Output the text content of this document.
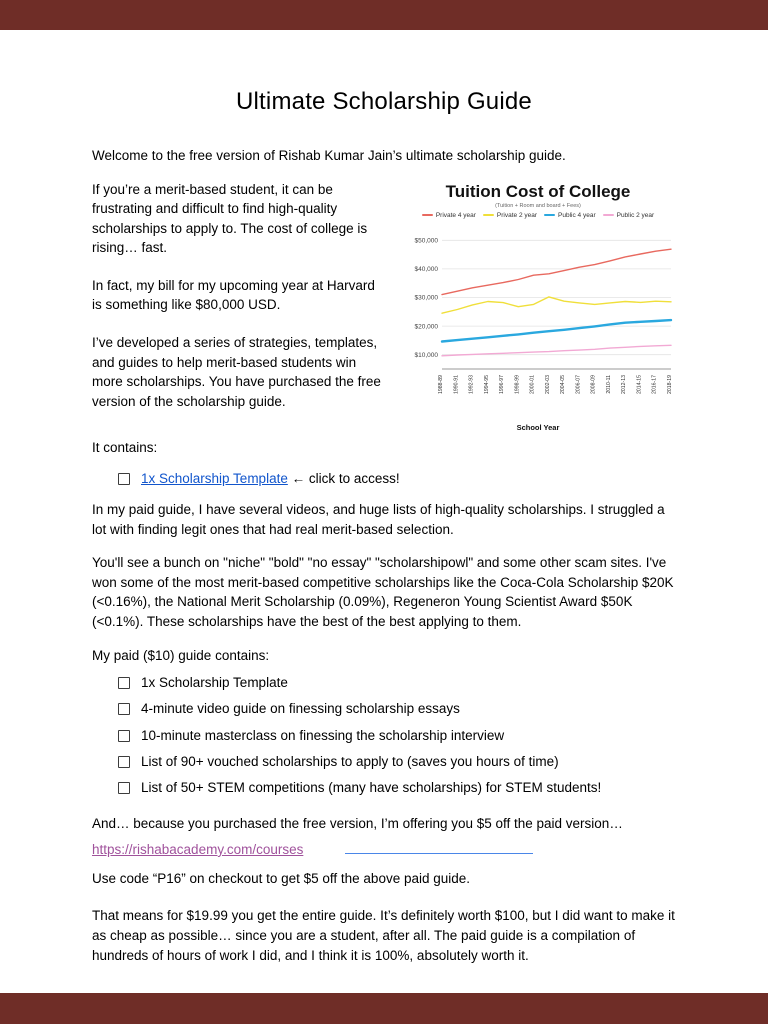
Ultimate Scholarship Guide

Welcome to the free version of Rishab Kumar Jain’s ultimate scholarship guide.

If you’re a merit-based student, it can be frustrating and difficult to find high-quality scholarships to apply to. The cost of college is rising… fast.

In fact, my bill for my upcoming year at Harvard is something like $80,000 USD.

I’ve developed a series of strategies, templates, and guides to help merit-based students win more scholarships. You have purchased the free version of the scholarship guide.

Tuition Cost of College
(Tuition + Room and board + Fees)
Private 4 year	Private 2 year	Public 4 year	Public 2 year
$10,000
$20,000
$30,000
$40,000
$50,000
1988-89 1990-91 1992-93 1994-95 1996-97 1998-99 2000-01 2002-03 2004-05 2006-07 2008-09 2010-11 2012-13 2014-15 2016-17 2018-19
School Year

It contains:

1x Scholarship Template ← click to access!

In my paid guide, I have several videos, and huge lists of high-quality scholarships. I struggled a lot with finding legit ones that had real merit-based selection.

You'll see a bunch on "niche" "bold" "no essay" "scholarshipowl" and some other scam sites. I've won some of the most merit-based competitive scholarships like the Coca-Cola Scholarship $20K (<0.16%), the National Merit Scholarship (0.09%), Regeneron Young Scientist Award $50K (<0.1%). These scholarships have the best of the best applying to them.

My paid ($10) guide contains:

1x Scholarship Template
4-minute video guide on finessing scholarship essays
10-minute masterclass on finessing the scholarship interview
List of 90+ vouched scholarships to apply to (saves you hours of time)
List of 50+ STEM competitions (many have scholarships) for STEM students!

And… because you purchased the free version, I’m offering you $5 off the paid version…

https://rishabacademy.com/courses

Use code “P16” on checkout to get $5 off the above paid guide.

That means for $19.99 you get the entire guide. It’s definitely worth $100, but I did want to make it as cheap as possible… since you are a student, after all. The paid guide is a compilation of hundreds of hours of work I did, and I think it is 100%, absolutely worth it.
